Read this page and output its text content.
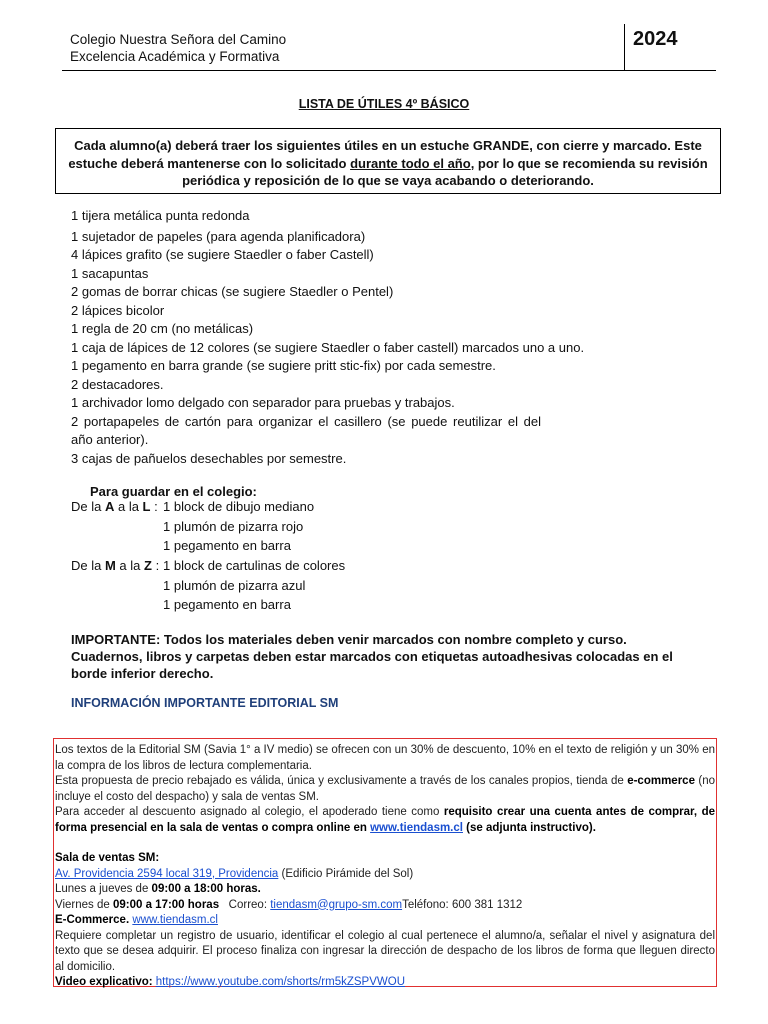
Colegio Nuestra Señora del Camino
Excelencia Académica y Formativa
2024
LISTA DE ÚTILES 4º BÁSICO
Cada alumno(a) deberá traer los siguientes útiles en un estuche GRANDE, con cierre y marcado. Este estuche deberá mantenerse con lo solicitado durante todo el año, por lo que se recomienda su revisión periódica y reposición de lo que se vaya acabando o deteriorando.
1 tijera metálica punta redonda
1 sujetador de papeles (para agenda planificadora)
4 lápices grafito (se sugiere Staedler o faber Castell)
1 sacapuntas
2 gomas de borrar chicas (se sugiere Staedler o Pentel)
2 lápices bicolor
1 regla de 20 cm (no metálicas)
1 caja de lápices de 12 colores (se sugiere Staedler o faber castell) marcados uno a uno.
1 pegamento en barra grande (se sugiere pritt stic-fix) por cada semestre.
2 destacadores.
1 archivador lomo delgado con separador para pruebas y trabajos.
2 portapapeles de cartón para organizar el casillero (se puede reutilizar el del año anterior).
3 cajas de pañuelos desechables por semestre.
Para guardar en el colegio:
De la A a la L : 1 block de dibujo mediano
1 plumón de pizarra rojo
1 pegamento en barra
De la M a la Z : 1 block de cartulinas de colores
1 plumón de pizarra azul
1 pegamento en barra
IMPORTANTE: Todos los materiales deben venir marcados con nombre completo y curso.
Cuadernos, libros y carpetas deben estar marcados con etiquetas autoadhesivas colocadas en el borde inferior derecho.
INFORMACIÓN IMPORTANTE EDITORIAL SM

Los textos de la Editorial SM (Savia 1° a IV medio) se ofrecen con un 30% de descuento, 10% en el texto de religión y un 30% en la compra de los libros de lectura complementaria.

Esta propuesta de precio rebajado es válida, única y exclusivamente a través de los canales propios, tienda de e-commerce (no incluye el costo del despacho) y sala de ventas SM.

Para acceder al descuento asignado al colegio, el apoderado tiene como requisito crear una cuenta antes de comprar, de forma presencial en la sala de ventas o compra online en www.tiendasm.cl (se adjunta instructivo).

Sala de ventas SM:

Av. Providencia 2594 local 319, Providencia (Edificio Pirámide del Sol)

Lunes a jueves de 09:00 a 18:00 horas.

Viernes de 09:00 a 17:00 horas   Correo: tiendasm@grupo-sm.comTeléfono: 600 381 1312

E-Commerce. www.tiendasm.cl

Requiere completar un registro de usuario, identificar el colegio al cual pertenece el alumno/a, señalar el nivel y asignatura del texto que se desea adquirir. El proceso finaliza con ingresar la dirección de despacho de los libros de forma que lleguen directo al domicilio.

Video explicativo: https://www.youtube.com/shorts/rm5kZSPVWOU
